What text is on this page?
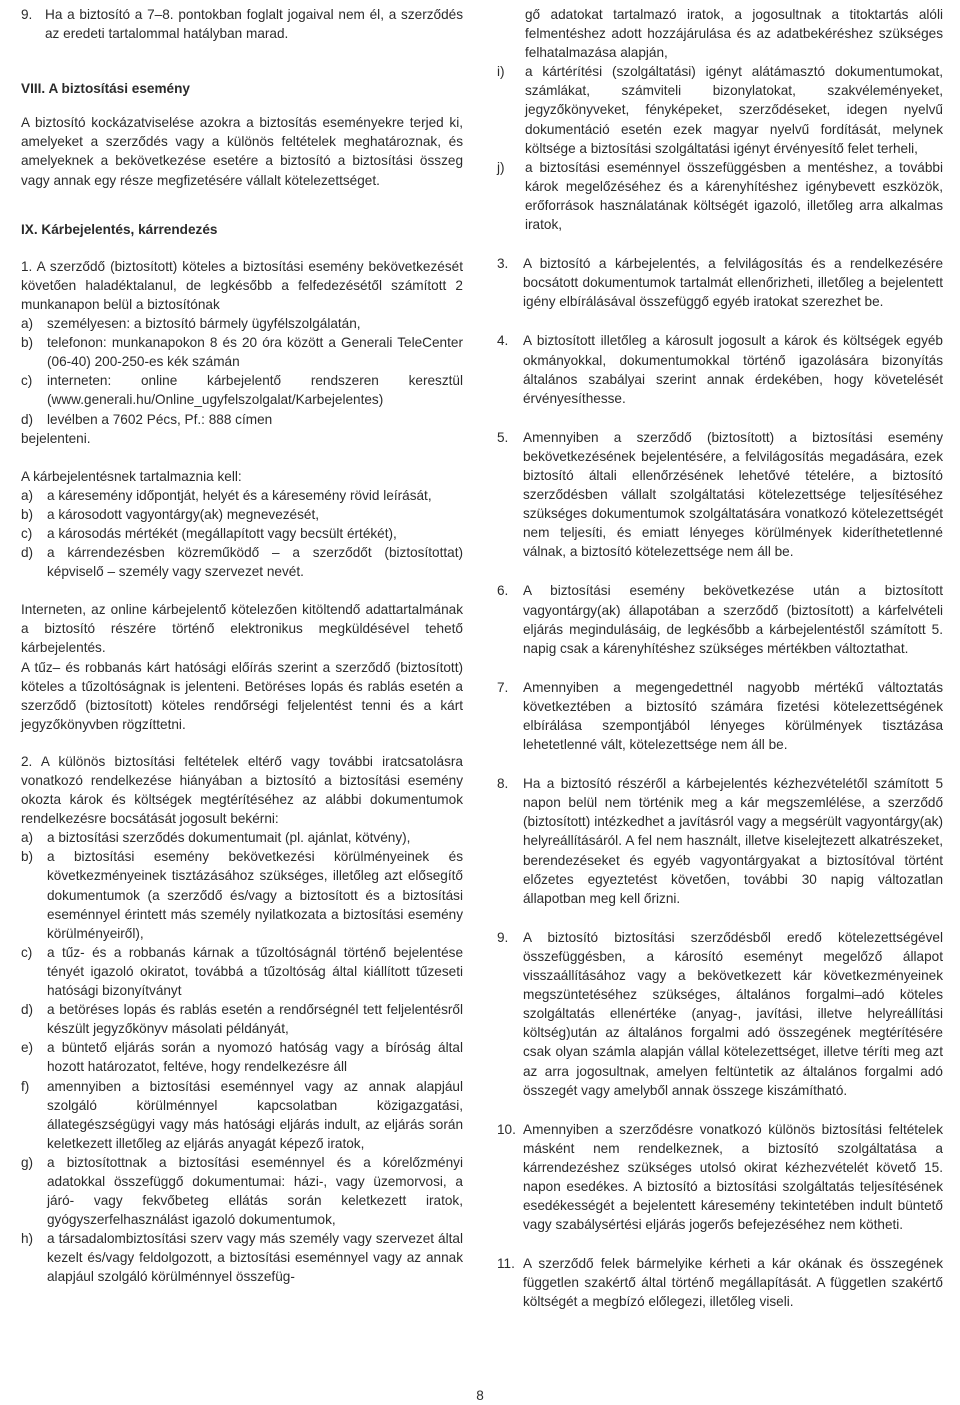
9. Ha a biztosító a 7–8. pontokban foglalt jogaival nem él, a szerződés az eredeti tartalommal hatályban marad.
VIII. A biztosítási esemény

A biztosító kockázatviselése azokra a biztosítás eseményekre terjed ki, amelyeket a szerződés vagy a különös feltételek meghatároznak, és amelyeknek a bekövetkezése esetére a biztosító a biztosítási összeg vagy annak egy része megfizetésére vállalt kötelezettséget.

IX. Kárbejelentés, kárrendezés

1. A szerződő (biztosított) köteles a biztosítási esemény bekövetkezését követően haladéktalanul, de legkésőbb a felfedezésétől számított 2 munkanapon belül a biztosítónak

a) személyesen: a biztosító bármely ügyfélszolgálatán,
b) telefonon: munkanapokon 8 és 20 óra között a Generali TeleCenter (06-40) 200-250-es kék számán
c) interneten: online kárbejelentő rendszeren keresztül (www.generali.hu/Online_ugyfelszolgalat/Karbejelentes)
d) levélben a 7602 Pécs, Pf.: 888 címen

bejelenteni.

A kárbejelentésnek tartalmaznia kell:

a) a káresemény időpontját, helyét és a káresemény rövid leírását,
b) a károsodott vagyontárgy(ak) megnevezését,
c) a károsodás mértékét (megállapított vagy becsült értékét),
d) a kárrendezésben közreműködő – a szerződőt (biztosítottat) képviselő – személy vagy szervezet nevét.

Interneten, az online kárbejelentő kötelezően kitöltendő adattartalmának a biztosító részére történő elektronikus megküldésével tehető kárbejelentés.

A tűz– és robbanás kárt hatósági előírás szerint a szerződő (biztosított) köteles a tűzoltóságnak is jelenteni. Betöréses lopás és rablás esetén a szerződő (biztosított) köteles rendőrségi feljelentést tenni és a kárt jegyzőkönyvben rögzíttetni.

2. A különös biztosítási feltételek eltérő vagy további iratcsatolásra vonatkozó rendelkezése hiányában a biztosító a biztosítási esemény okozta károk és költségek megtérítéséhez az alábbi dokumentumok rendelkezésre bocsátását jogosult bekérni:

a) a biztosítási szerződés dokumentumait (pl. ajánlat, kötvény),
b) a biztosítási esemény bekövetkezési körülményeinek és következményeinek tisztázásához szükséges, illetőleg azt elősegítő dokumentumok (a szerződő és/vagy a biztosított és a biztosítási eseménnyel érintett más személy nyilatkozata a biztosítási esemény körülményeiről),
c) a tűz- és a robbanás kárnak a tűzoltóságnál történő bejelentése tényét igazoló okiratot, továbbá a tűzoltóság által kiállított tűzeseti hatósági bizonyítványt
d) a betöréses lopás és rablás esetén a rendőrségnél tett feljelentésről készült jegyzőkönyv másolati példányát,
e) a büntető eljárás során a nyomozó hatóság vagy a bíróság által hozott határozatot, feltéve, hogy rendelkezésre áll
f) amennyiben a biztosítási eseménnyel vagy az annak alapjául szolgáló körülménnyel kapcsolatban közigazgatási, állategészségügyi vagy más hatósági eljárás indult, az eljárás során keletkezett illetőleg az eljárás anyagát képező iratok,
g) a biztosítottnak a biztosítási eseménnyel és a kórelőzményi adatokkal összefüggő dokumentumai: házi-, vagy üzemorvosi, a járó- vagy fekvőbeteg ellátás során keletkezett iratok, gyógyszerfelhasználást igazoló dokumentumok,
h) a társadalombiztosítási szerv vagy más személy vagy szervezet által kezelt és/vagy feldolgozott, a biztosítási eseménnyel vagy az annak alapjául szolgáló körülménnyel összefüg-
gő adatokat tartalmazó iratok, a jogosultnak a titoktartás alóli felmentéshez adott hozzájárulása és az adatbekéréshez szükséges felhatalmazása alapján,
i) a kártérítési (szolgáltatási) igényt alátámasztó dokumentumokat, számlákat, számviteli bizonylatokat, szakvéleményeket, jegyzőkönyveket, fényképeket, szerződéseket, idegen nyelvű dokumentáció esetén ezek magyar nyelvű fordítását, melynek költsége a biztosítási szolgáltatási igényt érvényesítő felet terheli,
j) a biztosítási eseménnyel összefüggésben a mentéshez, a további károk megelőzéséhez és a kárenyhítéshez igénybevett eszközök, erőforrások használatának költségét igazoló, illetőleg arra alkalmas iratok,
3. A biztosító a kárbejelentés, a felvilágosítás és a rendelkezésére bocsátott dokumentumok tartalmát ellenőrizheti, illetőleg a bejelentett igény elbírálásával összefüggő egyéb iratokat szerezhet be.
4. A biztosított illetőleg a károsult jogosult a károk és költségek egyéb okmányokkal, dokumentumokkal történő igazolására bizonyítás általános szabályai szerint annak érdekében, hogy követelését érvényesíthesse.
5. Amennyiben a szerződő (biztosított) a biztosítási esemény bekövetkezésének bejelentésére, a felvilágosítás megadására, ezek biztosító általi ellenőrzésének lehetővé tételére, a biztosító szerződésben vállalt szolgáltatási kötelezettsége teljesítéséhez szükséges dokumentumok szolgáltatására vonatkozó kötelezettségét nem teljesíti, és emiatt lényeges körülmények kideríthetetlenné válnak, a biztosító kötelezettsége nem áll be.
6. A biztosítási esemény bekövetkezése után a biztosított vagyontárgy(ak) állapotában a szerződő (biztosított) a kárfelvételi eljárás megindulásáig, de legkésőbb a kárbejelentéstől számított 5. napig csak a kárenyhítéshez szükséges mértékben változtathat.
7. Amennyiben a megengedettnél nagyobb mértékű változtatás következtében a biztosító számára fizetési kötelezettségének elbírálása szempontjából lényeges körülmények tisztázása lehetetlenné vált, kötelezettsége nem áll be.
8. Ha a biztosító részéről a kárbejelentés kézhezvételétől számított 5 napon belül nem történik meg a kár megszemlélése, a szerződő (biztosított) intézkedhet a javításról vagy a megsérült vagyontárgy(ak) helyreállításáról. A fel nem használt, illetve kiselejtezett alkatrészeket, berendezéseket és egyéb vagyontárgyakat a biztosítóval történt előzetes egyeztetést követően, további 30 napig változatlan állapotban meg kell őrizni.
9. A biztosító biztosítási szerződésből eredő kötelezettségével összefüggésben, a károsító eseményt megelőző állapot visszaállításához vagy a bekövetkezett kár következményeinek megszüntetéséhez szükséges, általános forgalmi–adó köteles szolgáltatás ellenértéke (anyag-, javítási, illetve helyreállítási költség)után az általános forgalmi adó összegének megtérítésére csak olyan számla alapján vállal kötelezettséget, illetve téríti meg azt az arra jogosultnak, amelyen feltüntetik az általános forgalmi adó összegét vagy amelyből annak összege kiszámítható.
10. Amennyiben a szerződésre vonatkozó különös biztosítási feltételek másként nem rendelkeznek, a biztosító szolgáltatása a kárrendezéshez szükséges utolsó okirat kézhezvételét követő 15. napon esedékes. A biztosító a biztosítási szolgáltatás teljesítésének esedékességét a bejelentett káresemény tekintetében indult büntető vagy szabálysértési eljárás jogerős befejezéséhez nem kötheti.
11. A szerződő felek bármelyike kérheti a kár okának és összegének független szakértő által történő megállapítását. A független szakértő költségét a megbízó előlegezi, illetőleg viseli.
8
